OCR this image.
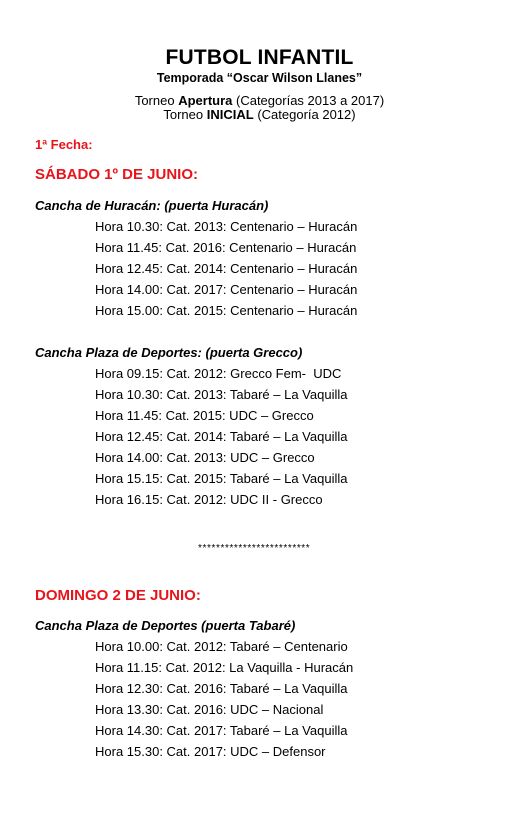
FUTBOL INFANTIL
Temporada “Oscar Wilson Llanes”
Torneo Apertura (Categorías 2013 a 2017)
Torneo INICIAL (Categoría 2012)
1ª Fecha:
SÁBADO 1º DE JUNIO:
Cancha de Huracán: (puerta Huracán)
Hora 10.30: Cat. 2013: Centenario – Huracán
Hora 11.45: Cat. 2016: Centenario – Huracán
Hora 12.45: Cat. 2014: Centenario – Huracán
Hora 14.00: Cat. 2017: Centenario – Huracán
Hora 15.00: Cat. 2015: Centenario – Huracán
Cancha Plaza de Deportes: (puerta Grecco)
Hora 09.15: Cat. 2012: Grecco Fem-  UDC
Hora 10.30: Cat. 2013: Tabaré – La Vaquilla
Hora 11.45: Cat. 2015: UDC – Grecco
Hora 12.45: Cat. 2014: Tabaré – La Vaquilla
Hora 14.00: Cat. 2013: UDC – Grecco
Hora 15.15: Cat. 2015: Tabaré – La Vaquilla
Hora 16.15: Cat. 2012: UDC II - Grecco
*************************
DOMINGO 2 DE JUNIO:
Cancha Plaza de Deportes (puerta Tabaré)
Hora 10.00: Cat. 2012: Tabaré – Centenario
Hora 11.15: Cat. 2012: La Vaquilla - Huracán
Hora 12.30: Cat. 2016: Tabaré – La Vaquilla
Hora 13.30: Cat. 2016: UDC – Nacional
Hora 14.30: Cat. 2017: Tabaré – La Vaquilla
Hora 15.30: Cat. 2017: UDC – Defensor
